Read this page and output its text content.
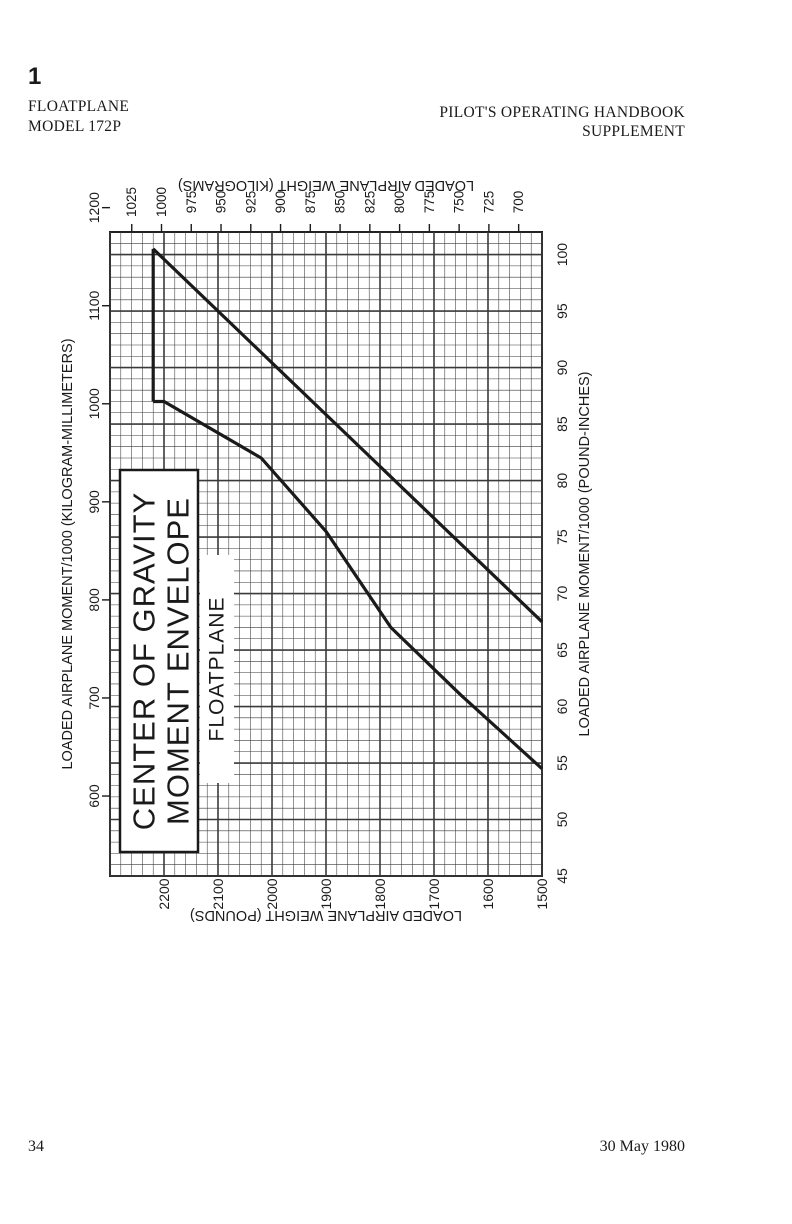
1
FLOATPLANE
MODEL 172P
PILOT'S OPERATING HANDBOOK
SUPPLEMENT
600
700
800
900
1000
1100
1200	700
725
750
775
800
825
850
875
900
925
950
975
1000
1025
45
50
55
60
65
70
75
80
85
90
95
100
1500
1600
1700
1800
1900
2000
2100
2200
LOADED AIRPLANE MOMENT/1000 (KILOGRAM-MILLIMETERS)	LOADED AIRPLANE MOMENT/1000 (POUND-INCHES)
LOADED AIRPLANE WEIGHT (KILOGRAMS)
LOADED AIRPLANE WEIGHT (POUNDS)
CENTER OF GRAVITY MOMENT ENVELOPE FLOATPLANE
34	30 May 1980
